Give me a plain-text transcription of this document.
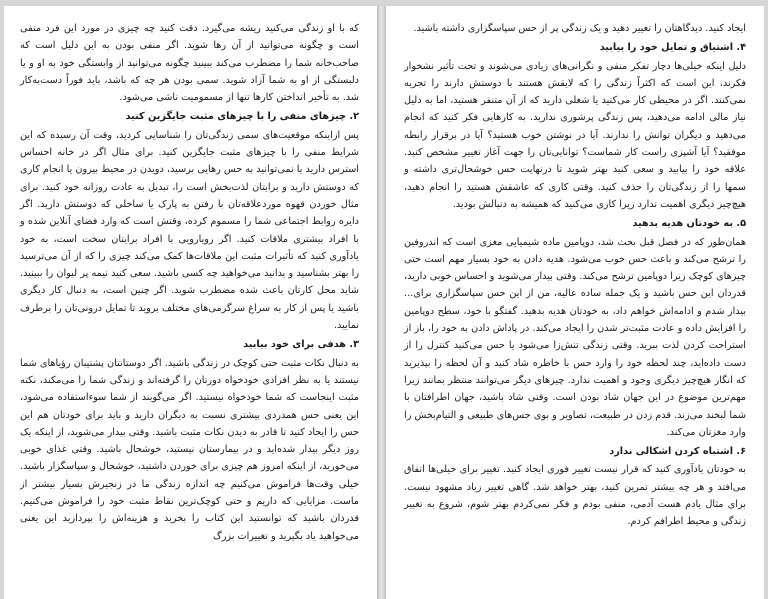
که با او زندگی می‌کنید ریشه می‌گیرد. دقت کنید چه چیزی در مورد این فرد منفی است و چگونه می‌توانید از آن رها شوید. اگر منفی بودن به این دلیل است که صاحب‌خانه شما را مضطرب می‌کند ببینید چگونه می‌توانید از وابستگی خود به او و یا دلبستگی از او به شما آزاد شوید. سمی بودن هر چه که باشد، باید فوراً دست‌به‌کار شد. به تأخیر انداختن کارها تنها از مسمومیت ناشی می‌شود.

۲. چیزهای منفی را با چیزهای مثبت جایگزین کنید

پس ازاینکه موقعیت‌های سمی زندگی‌تان را شناسایی کردید، وقت آن رسیده که این شرایط منفی را با چیزهای مثبت جایگزین کنید. برای مثال اگر در خانه احساس استرس دارید یا نمی‌توانید به حس رهایی برسید، دویدن در محیط بیرون یا انجام کاری که دوستش دارید و برایتان لذت‌بخش است را، تبدیل به عادت روزانه خود کنید. برای مثال خوردن قهوه موردعلاقه‌تان با رفتن به پارک یا ساحلی که دوستش دارید. اگر دایره روابط اجتماعی شما را مسموم کرده، وقتش است که وارد فضای آنلاین شده و با افراد بیشتری ملاقات کنید. اگر رویارویی با افراد برایتان سخت است، به خود یادآوری کنید که تأثیرات مثبت این ملاقات‌ها کمک می‌کند چیزی را که از آن می‌ترسید را بهتر بشناسید و بدانید می‌خواهید چه کسی باشید. سعی کنید نیمه پر لیوان را ببینید. شاید محل کارتان باعث شده مضطرب شوید. اگر چنین است، به دنبال کار دیگری باشید یا پس از کار به سراغ سرگرمی‌های مختلف بروید تا تمایل درونی‌تان را برطرف نمایید.

۳. هدفی برای خود بیابید

به دنبال نکات مثبت حتی کوچک در زندگی باشید. اگر دوستانتان پشتیبان رؤیاهای شما نیستند یا به نظر افرادی خودخواه دورتان را گرفته‌اند و زندگی شما را می‌مکند، نکته مثبت اینجاست که شما خودخواه نیستید. اگر می‌گویند از شما سوءاستفاده می‌شود، این یعنی حس همدردی بیشتری نسبت به دیگران دارید و باید برای خودتان هم این حس را ایجاد کنید تا قادر به دیدن نکات مثبت باشید. وقتی بیدار می‌شوید، از اینکه یک روز دیگر بیدار شده‌اید و در بیمارستان نیستید، خوشحال باشید. وقتی غذای خوبی می‌خورید، از اینکه امروز هم چیزی برای خوردن داشتید، خوشحال و سپاسگزار باشید. خیلی وقت‌ها فراموش می‌کنیم چه اندازه زندگی ما در زنجیرش بسیار بیشتر از ماست. مزایایی که داریم و حتی کوچک‌ترین نقاط مثبت خود را فراموش می‌کنیم. قدردان باشید که توانستید این کتاب را بخرید و هزینه‌اش را بپردازید این یعنی می‌خواهید یاد بگیرید و تغییرات بزرگ

ایجاد کنید. دیدگاهتان را تغییر دهید و یک زندگی پر از حس سپاسگزاری داشته باشید.

۴. اشتیاق و تمایل خود را بیابید

دلیل اینکه خیلی‌ها دچار تفکر منفی و نگرانی‌های زیادی می‌شوند و تحت تأثیر نشخوار فکرند، این است که اکثراً زندگی را که لایقش هستند با دوستش دارند را تجربه نمی‌کنند. اگر در محیطی کار می‌کنید یا شغلی دارید که از آن متنفر هستید، اما به دلیل نیاز مالی ادامه می‌دهید، پس زندگی پرشوری ندارید. به کارهایی فکر کنید که انجام می‌دهید و دیگران توانش را ندارند. آیا در نوشتن خوب هستید؟ آیا در برقرار رابطه موفقید؟ آیا آشپزی راست کار شماست؟ توانایی‌تان را جهت آغاز تغییر مشخص کنید. علاقه خود را بیابید و سعی کنید بهتر شوید تا درنهایت حس خوشحال‌تری داشته و سمها را از زندگی‌تان را حذف کنید. وقتی کاری که عاشقش هستید را انجام دهید، هیچ‌چیز دیگری اهمیت ندارد زیرا کاری می‌کنید که همیشه به دنبالش بودید.

۵. به خودتان هدیه بدهید

همان‌طور که در فصل قبل بحث شد، دوپامین ماده شیمیایی مغزی است که اندروفین را ترشح می‌کند و باعث حس خوب می‌شود. هدیه دادن به خود بسیار مهم است حتی چیزهای کوچک زیرا دوپامین ترشح می‌کند. وقتی بیدار می‌شوید و احساس خوبی دارید، قدردان این حس باشید و یک جمله ساده عالیه، من از این حس سپاسگزاری برای... بیدار شدم و ادامه‌اش خواهم داد، به خودتان هدیه بدهید. گفتگو با خود، سطح دوپامین را افزایش داده و عادت مثبت‌تر شدن را ایجاد می‌کند. در پاداش دادن به خود را، باز از استراحت کردن لذت ببرید. وقتی زندگی تنش‌زا می‌شود یا حس می‌کنید کنترل را از دست داده‌اید، چند لحظه خود را وارد حس با خاطره شاد کنید و آن لحظه را بپذیرید که انگار هیچ‌چیز دیگری وجود و اهمیت ندارد. چیزهای دیگر می‌توانند منتظر بمانند زیرا مهم‌ترین موضوع در این جهان شاد بودن است. وقتی شاد باشید، جهان اطرافتان با شما لبخند می‌زند. قدم زدن در طبیعت، تصاویر و بوی حس‌های طبیعی و التیام‌بخش را وارد مغزتان می‌کند.

۶. اشتباه کردن اشکالی ندارد

به خودتان یادآوری کنید که قرار نیست تغییر فوری ایجاد کنید. تغییر برای خیلی‌ها اتفاق می‌افتد و هر چه بیشتر تمرین کنید، بهتر خواهد شد. گاهی تغییر زیاد مشهود نیست. برای مثال یادم هست آدمی، منفی بودم و فکر نمی‌کردم بهتر شوم، شروع به تغییر زندگی و محیط اطرافم کردم.
